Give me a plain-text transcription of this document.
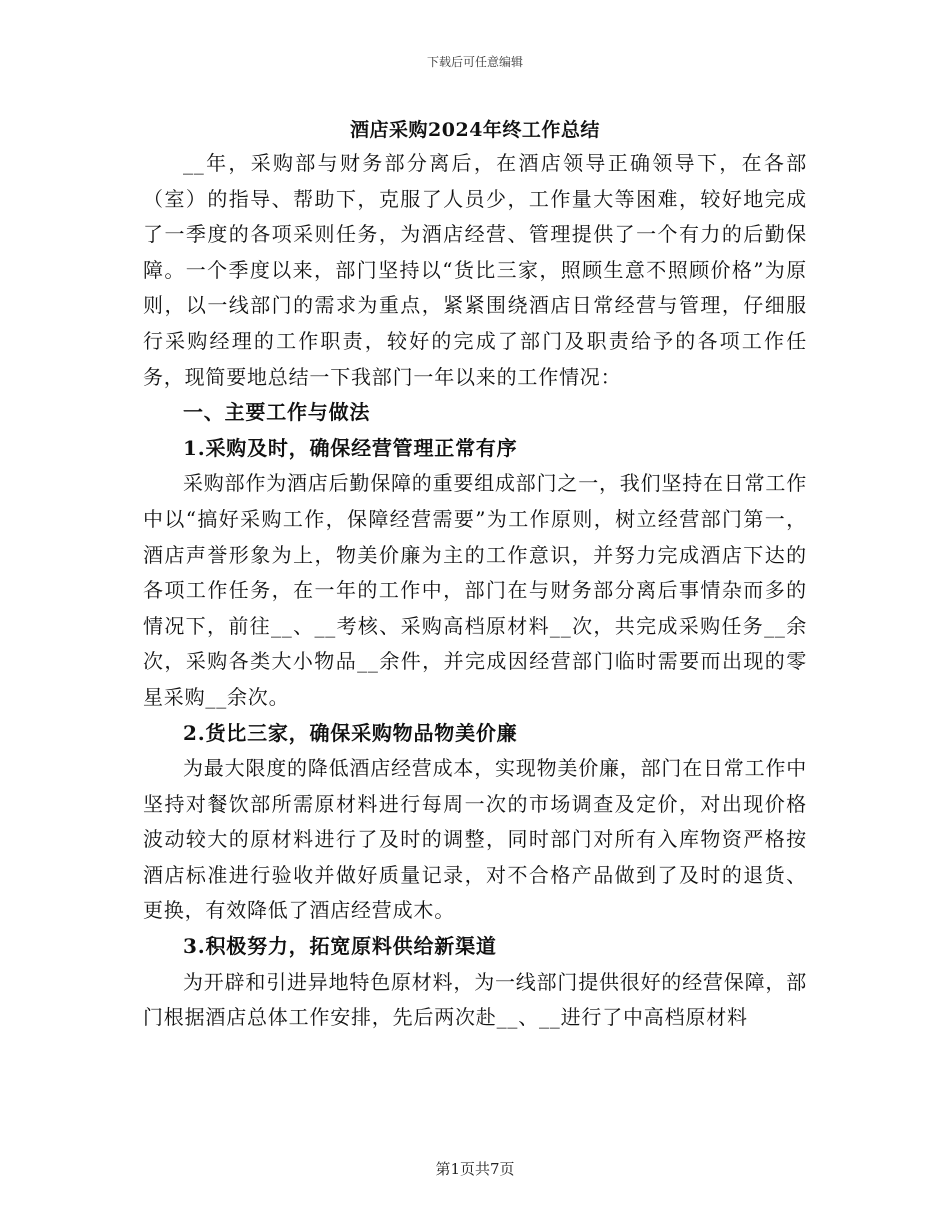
下载后可任意编辑
酒店采购2024年终工作总结

__年，采购部与财务部分离后，在酒店领导正确领导下，在各部（室）的指导、帮助下，克服了人员少，工作量大等困难，较好地完成了一季度的各项采则任务，为酒店经营、管理提供了一个有力的后勤保障。一个季度以来，部门坚持以“货比三家，照顾生意不照顾价格”为原则，以一线部门的需求为重点，紧紧围绕酒店日常经营与管理，仔细服行采购经理的工作职责，较好的完成了部门及职责给予的各项工作任务，现简要地总结一下我部门一年以来的工作情况：

一、主要工作与做法

1.采购及时，确保经营管理正常有序

采购部作为酒店后勤保障的重要组成部门之一，我们坚持在日常工作中以“搞好采购工作，保障经营需要”为工作原则，树立经营部门第一，酒店声誉形象为上，物美价廉为主的工作意识，并努力完成酒店下达的各项工作任务，在一年的工作中，部门在与财务部分离后事情杂而多的情况下，前往__、__考核、采购高档原材料__次，共完成采购任务__余次，采购各类大小物品__余件，并完成因经营部门临时需要而出现的零星采购__余次。

2.货比三家，确保采购物品物美价廉

为最大限度的降低酒店经营成本，实现物美价廉，部门在日常工作中坚持对餐饮部所需原材料进行每周一次的市场调查及定价，对出现价格波动较大的原材料进行了及时的调整，同时部门对所有入库物资严格按酒店标准进行验收并做好质量记录，对不合格产品做到了及时的退货、更换，有效降低了酒店经营成木。

3.积极努力，拓宽原料供给新渠道

为开辟和引进异地特色原材料，为一线部门提供很好的经营保障，部门根据酒店总体工作安排，先后两次赴__、__进行了中高档原材料

第1页共7页
